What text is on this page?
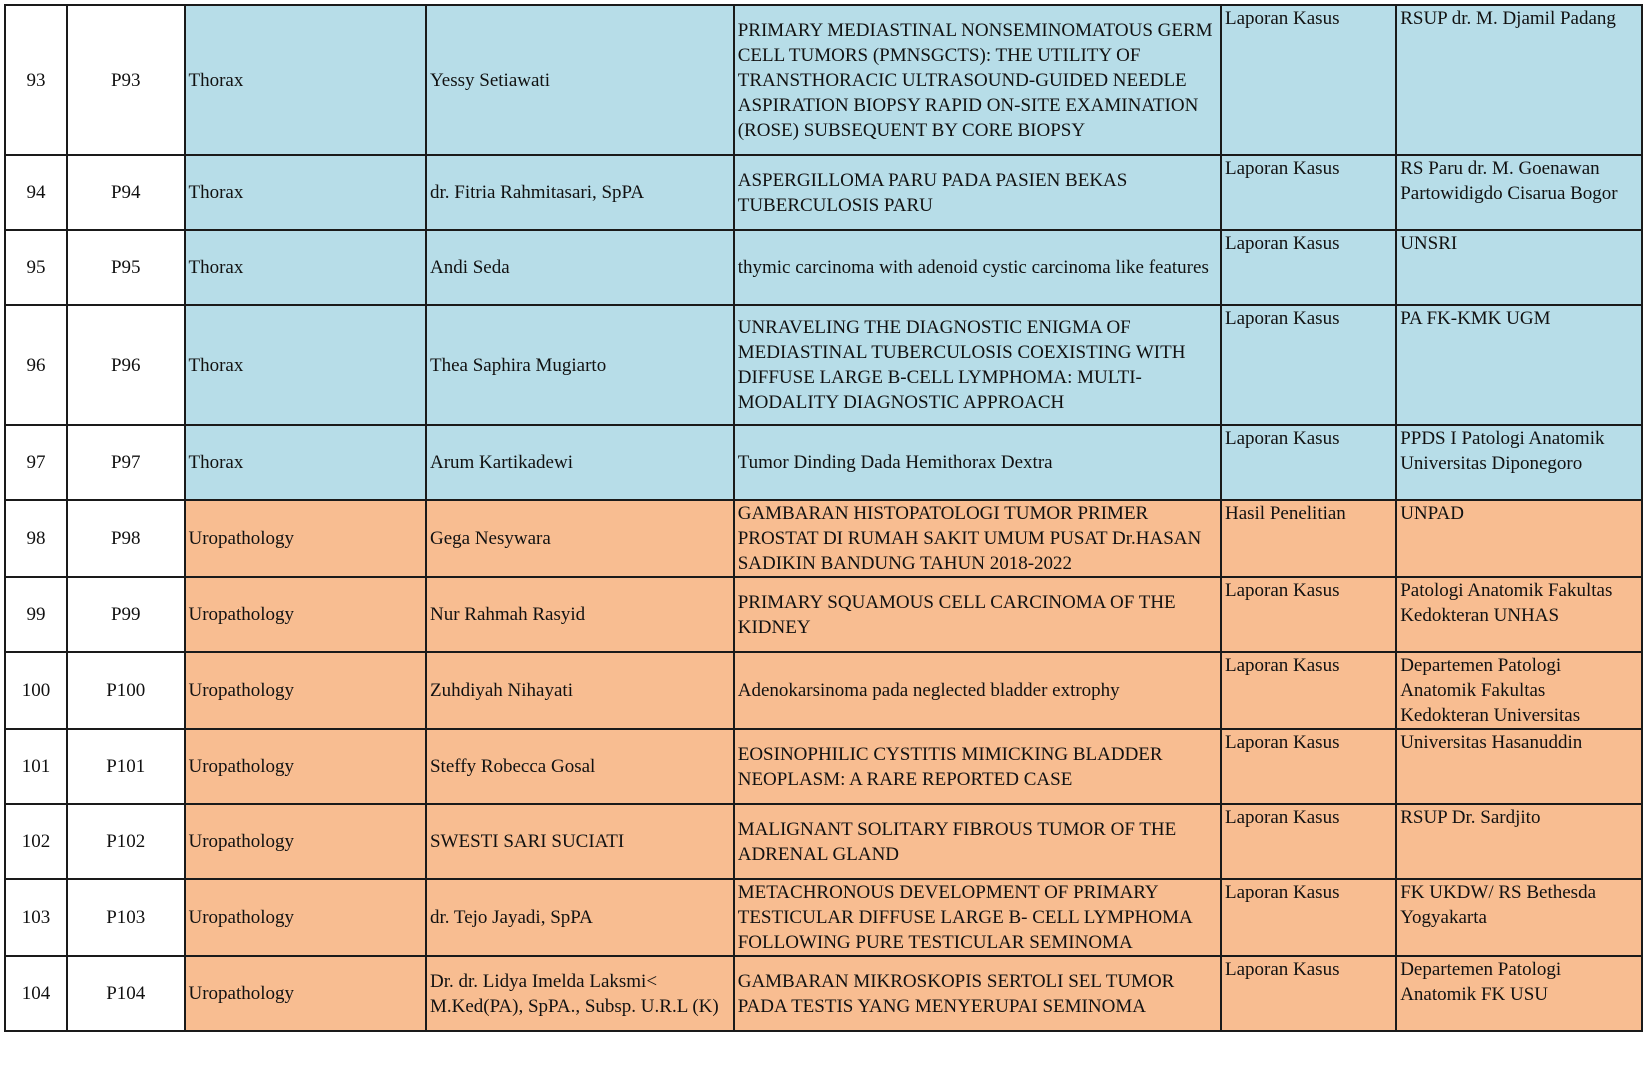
93	P93	Thorax	Yessy Setiawati	PRIMARY MEDIASTINAL NONSEMINOMATOUS GERM CELL TUMORS (PMNSGCTS): THE UTILITY OF TRANSTHORACIC ULTRASOUND-GUIDED NEEDLE ASPIRATION BIOPSY RAPID ON-SITE EXAMINATION (ROSE) SUBSEQUENT BY CORE BIOPSY	Laporan Kasus	RSUP dr. M. Djamil Padang
94	P94	Thorax	dr. Fitria Rahmitasari, SpPA	ASPERGILLOMA PARU PADA PASIEN BEKAS TUBERCULOSIS PARU	Laporan Kasus	RS Paru dr. M. Goenawan Partowidigdo Cisarua Bogor
95	P95	Thorax	Andi Seda	thymic carcinoma with adenoid cystic carcinoma like features	Laporan Kasus	UNSRI
96	P96	Thorax	Thea Saphira Mugiarto	UNRAVELING THE DIAGNOSTIC ENIGMA OF MEDIASTINAL TUBERCULOSIS COEXISTING WITH DIFFUSE LARGE B-CELL LYMPHOMA: MULTI-MODALITY DIAGNOSTIC APPROACH	Laporan Kasus	PA FK-KMK UGM
97	P97	Thorax	Arum Kartikadewi	Tumor Dinding Dada Hemithorax Dextra	Laporan Kasus	PPDS I Patologi Anatomik Universitas Diponegoro
98	P98	Uropathology	Gega Nesywara	GAMBARAN HISTOPATOLOGI TUMOR PRIMER PROSTAT DI RUMAH SAKIT UMUM PUSAT Dr.HASAN SADIKIN BANDUNG TAHUN 2018-2022	Hasil Penelitian	UNPAD
99	P99	Uropathology	Nur Rahmah Rasyid	PRIMARY SQUAMOUS CELL CARCINOMA OF THE KIDNEY	Laporan Kasus	Patologi Anatomik Fakultas Kedokteran UNHAS
100	P100	Uropathology	Zuhdiyah Nihayati	Adenokarsinoma pada neglected bladder extrophy	Laporan Kasus	Departemen Patologi Anatomik Fakultas Kedokteran Universitas
101	P101	Uropathology	Steffy Robecca Gosal	EOSINOPHILIC CYSTITIS MIMICKING BLADDER NEOPLASM: A RARE REPORTED CASE	Laporan Kasus	Universitas Hasanuddin
102	P102	Uropathology	SWESTI SARI SUCIATI	MALIGNANT SOLITARY FIBROUS TUMOR OF THE ADRENAL GLAND	Laporan Kasus	RSUP Dr. Sardjito
103	P103	Uropathology	dr. Tejo Jayadi, SpPA	METACHRONOUS DEVELOPMENT OF PRIMARY TESTICULAR DIFFUSE LARGE B- CELL LYMPHOMA FOLLOWING PURE TESTICULAR SEMINOMA	Laporan Kasus	FK UKDW/ RS Bethesda Yogyakarta
104	P104	Uropathology	Dr. dr. Lidya Imelda Laksmi< M.Ked(PA), SpPA., Subsp. U.R.L (K)	GAMBARAN MIKROSKOPIS SERTOLI SEL TUMOR PADA TESTIS YANG MENYERUPAI SEMINOMA	Laporan Kasus	Departemen Patologi Anatomik FK USU
